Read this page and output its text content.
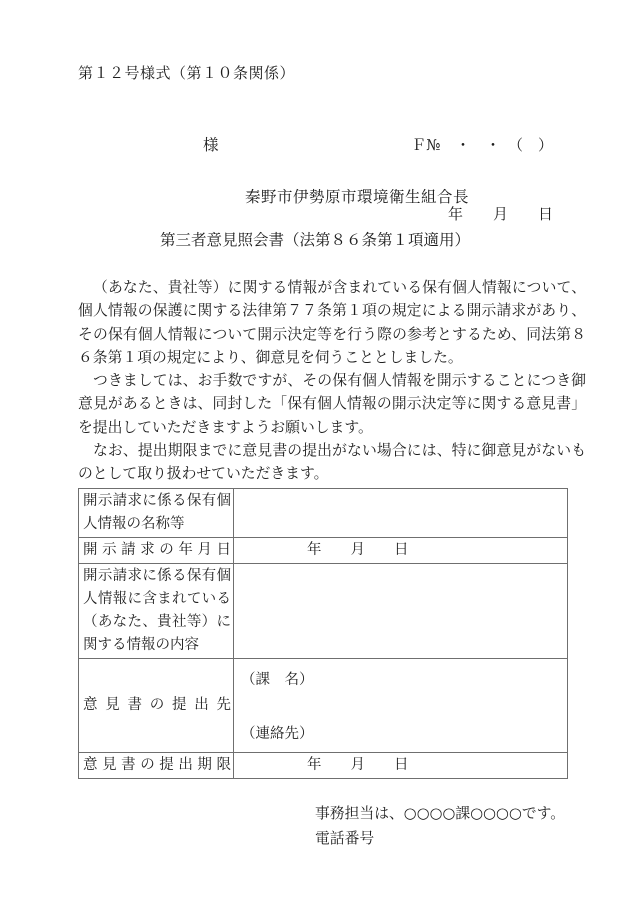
第１２号様式（第１０条関係）

Ｆ№　・　・　（　）

年　　月　　日

様
秦野市伊勢原市環境衛生組合長
第三者意見照会書（法第８６条第１項適用）

（あなた、貴社等）に関する情報が含まれている保有個人情報について、個人情報の保護に関する法律第７７条第１項の規定による開示請求があり、その保有個人情報について開示決定等を行う際の参考とするため、同法第８６条第１項の規定により、御意見を伺うこととしました。

つきましては、お手数ですが、その保有個人情報を開示することにつき御意見があるときは、同封した「保有個人情報の開示決定等に関する意見書」を提出していただきますようお願いします。

なお、提出期限までに意見書の提出がない場合には、特に御意見がないものとして取り扱わせていただきます。

開示請求に係る保有個人情報の名称等	
開示請求の年月日	年　　月　　日
開示請求に係る保有個人情報に含まれている（あなた、貴社等）に関する情報の内容	
意見書の提出先	（課　名）
（連絡先）

意見書の提出期限	年　　月　　日
事務担当は、○○○○課○○○○です。
電話番号
